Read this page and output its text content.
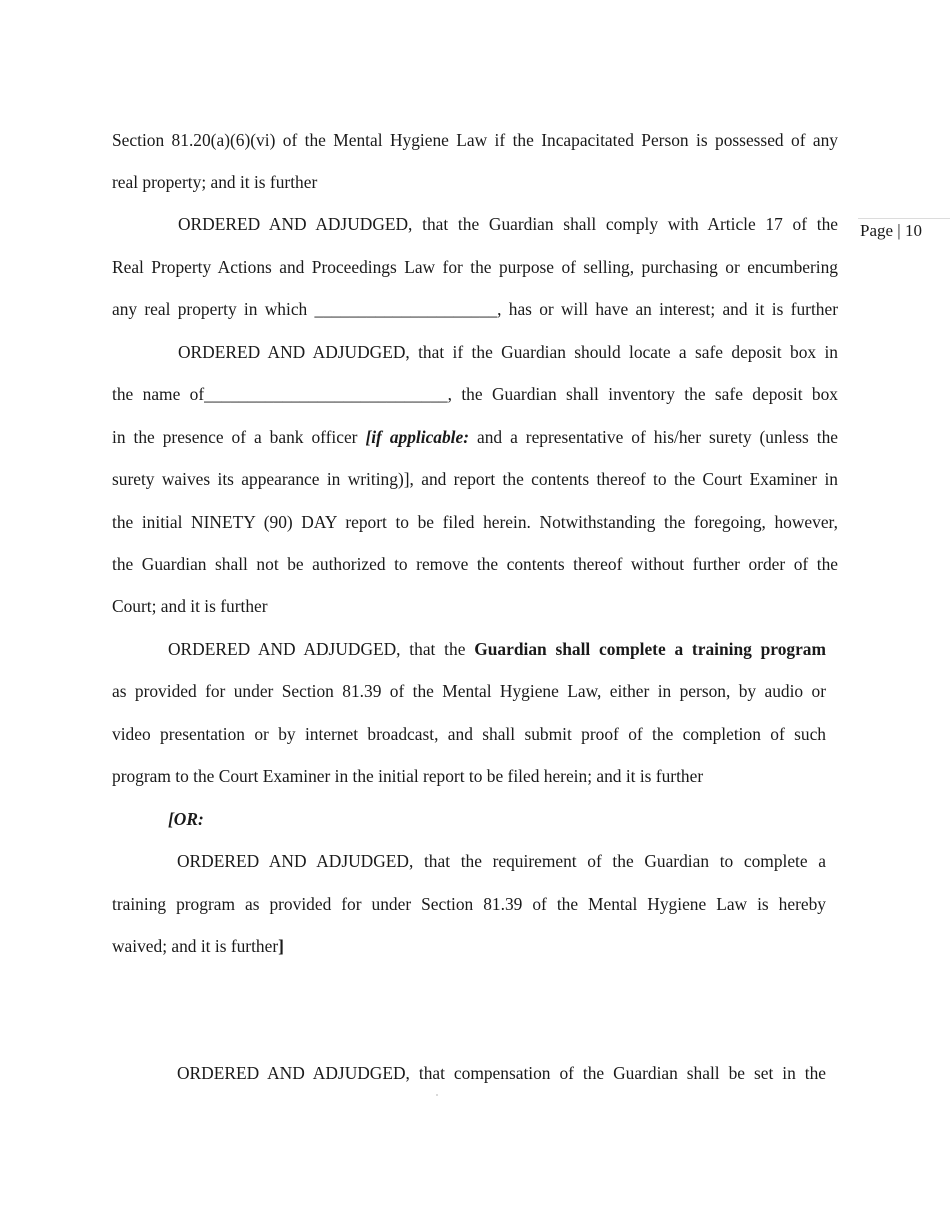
Page | 10

Section 81.20(a)(6)(vi) of the Mental Hygiene Law if the Incapacitated Person is possessed of any

real property; and it is further

ORDERED AND ADJUDGED, that the Guardian shall comply with Article 17 of the

Real Property Actions and Proceedings Law for the purpose of selling, purchasing or encumbering

any real property in which _____________________, has or will have an interest; and it is further

ORDERED AND ADJUDGED, that if the Guardian should locate a safe deposit box in

the name of____________________________, the Guardian shall inventory the safe deposit box

in the presence of a bank officer [if applicable: and a representative of his/her surety (unless the

surety waives its appearance in writing)], and report the contents thereof to the Court Examiner in

the initial NINETY (90) DAY report to be filed herein. Notwithstanding the foregoing, however,

the Guardian shall not be authorized to remove the contents thereof without further order of the

Court; and it is further

ORDERED AND ADJUDGED, that the Guardian shall complete a training program

as provided for under Section 81.39 of the Mental Hygiene Law, either in person, by audio or

video presentation or by internet broadcast, and shall submit proof of the completion of such

program to the Court Examiner in the initial report to be filed herein; and it is further

[OR:

ORDERED AND ADJUDGED, that the requirement of the Guardian to complete a

training program as provided for under Section 81.39 of the Mental Hygiene Law is hereby

waived; and it is further]

ORDERED AND ADJUDGED, that compensation of the Guardian shall be set in the
